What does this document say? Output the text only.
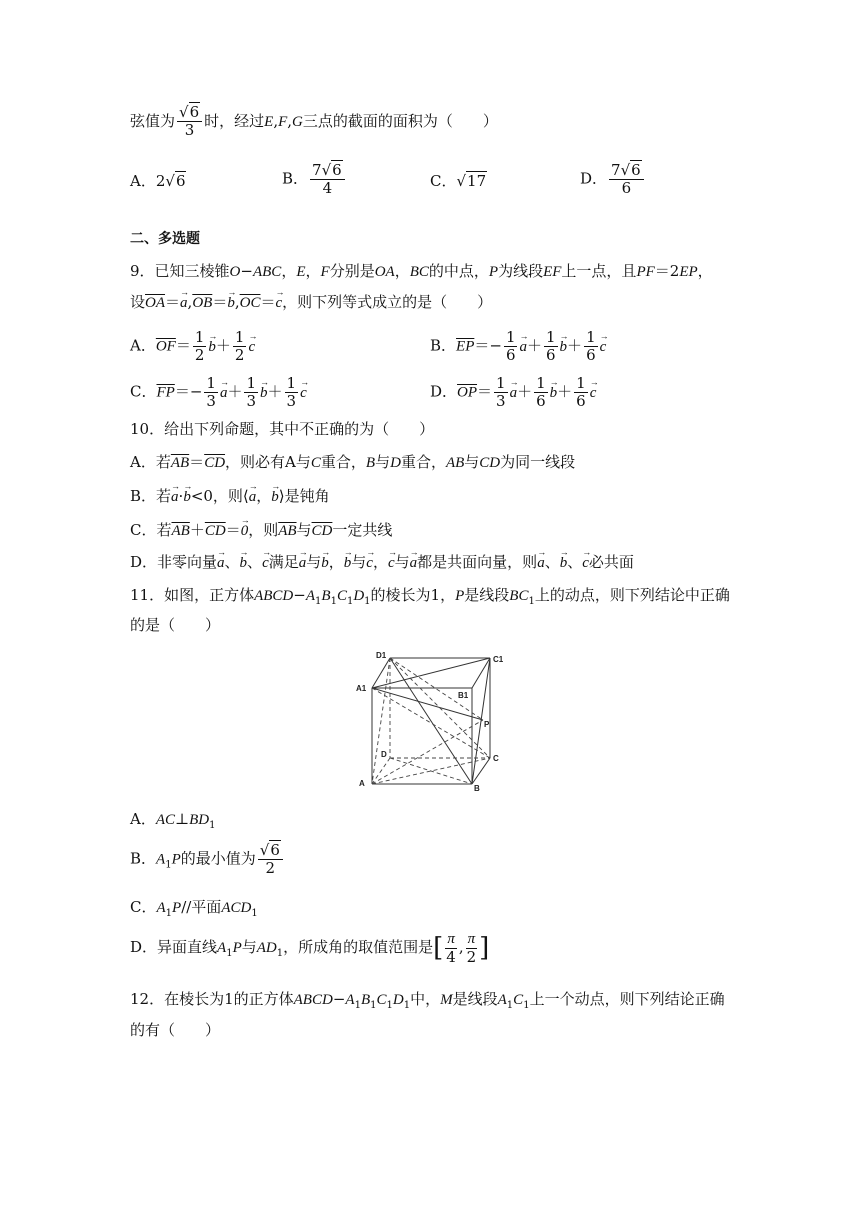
弦值为 $\frac{√6}{3}$ 时，经过E,F,G三点的截面的面积为（　　）
A．2√6	B． $\frac{7√6}{4}$	C．√17	D． $\frac{7√6}{6}$
二、多选题
9．已知三棱锥O−ABC，E，F分别是OA，BC的中点，P为线段EF上一点，且PF＝2EP，
设$\overline{OA}=\to a,\overline{OB}=\to b,\overline{OC}=\to c$，则下列等式成立的是（　　）
A．$\overline{OF}= \frac{1}{2} \to b+ \frac{1}{2} \to c$	B．$\overline{EP}=- \frac{1}{6} \to a+ \frac{1}{6} \to b+ \frac{1}{6} \to c$
C．$\overline{FP}=- \frac{1}{3} \to a+ \frac{1}{3} \to b+ \frac{1}{3} \to c$	D．$\overline{OP}= \frac{1}{3} \to a+ \frac{1}{6} \to b+ \frac{1}{6} \to c$
10．给出下列命题，其中不正确的为（　　）
A．若$\overline{AB}=\overline{CD}$，则必有A与C重合，B与D重合，AB与CD为同一线段
B．若→ a·→ b<0，则⟨→ a，→ b⟩是钝角
C．若$\overline{AB}+\overline{CD}=\to 0$，则$\overline{AB}$与$\overline{CD}$一定共线
D．非零向量→ a、→ b、→ c满足→ a与→ b，→ b与→ c，→ c与→ a都是共面向量，则→ a、→ b、→ c必共面
11．如图，正方体$ABCD-A_1B_1C_1D_1$的棱长为1，P是线段$BC_1$上的动点，则下列结论中正确
的是（　　）
D1	C1
A1
B1
P
D	C
A
B
A．$AC\perp BD_1$
B．$A_1P$的最小值为 $\frac{√6}{2}$
C．$A_1P//$平面$ACD_1$
D．异面直线$A_1P$与$AD_1$，所成角的取值范围是[ $\frac{\pi}{4}$ , $\frac{\pi}{2}$ ]
12．在棱长为1的正方体$ABCD-A_1B_1C_1D_1$中，M是线段$A_1C_1$上一个动点，则下列结论正确
的有（　　）
